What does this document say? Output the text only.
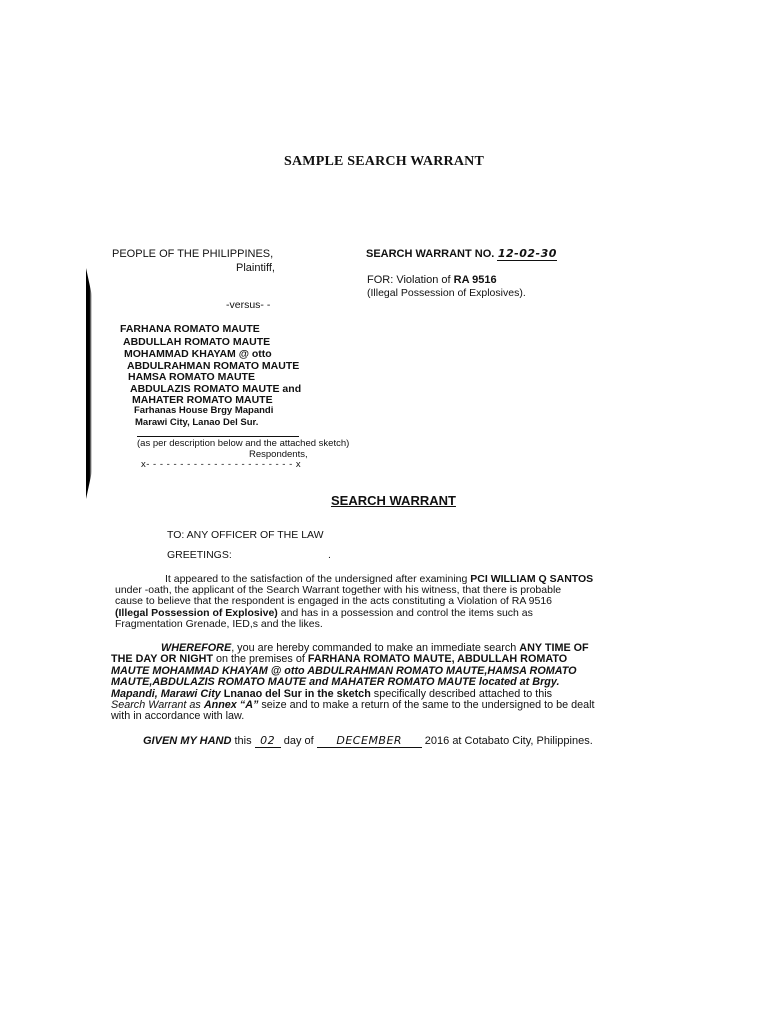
SAMPLE SEARCH WARRANT
PEOPLE OF THE PHILIPPINES,
Plaintiff,
-versus- -
FARHANA ROMATO MAUTE
ABDULLAH ROMATO MAUTE
MOHAMMAD KHAYAM @ otto
ABDULRAHMAN ROMATO MAUTE
HAMSA ROMATO MAUTE
ABDULAZIS ROMATO MAUTE and
MAHATER ROMATO MAUTE
Farhanas House Brgy Mapandi
Marawi City, Lanao Del Sur.
(as per description below and the attached sketch)
Respondents,
x- - - - - - - - - - - - - - - - - - - - - - x
SEARCH WARRANT NO. 12-02-30
FOR: Violation of RA 9516
(Illegal Possession of Explosives).
SEARCH WARRANT
TO: ANY OFFICER OF THE LAW
GREETINGS:	.
It appeared to the satisfaction of the undersigned after examining PCI WILLIAM Q SANTOS
under -oath, the applicant of the Search Warrant together with his witness, that there is probable
cause to believe that the respondent is engaged in the acts constituting a Violation of RA 9516
(Illegal Possession of Explosive) and has in a possession and control the items such as
Fragmentation Grenade, IED,s and the likes.
WHEREFORE, you are hereby commanded to make an immediate search ANY TIME OF
THE DAY OR NIGHT on the premises of FARHANA ROMATO MAUTE, ABDULLAH ROMATO
MAUTE MOHAMMAD KHAYAM @ otto ABDULRAHMAN ROMATO MAUTE,HAMSA ROMATO
MAUTE,ABDULAZIS ROMATO MAUTE and MAHATER ROMATO MAUTE located at Brgy.
Mapandi, Marawi City Lnanao del Sur in the sketch specifically described attached to this
Search Warrant as Annex “A” seize and to make a return of the same to the undersigned to be dealt
with in accordance with law.
GIVEN MY HAND this 02 day of DECEMBER 2016 at Cotabato City, Philippines.
